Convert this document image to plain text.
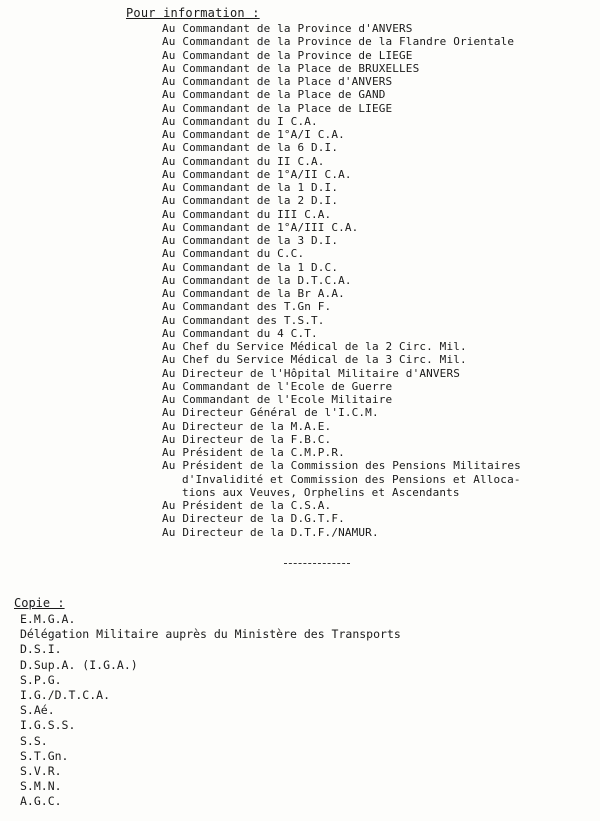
Pour information :
Au Commandant de la Province d'ANVERS
Au Commandant de la Province de la Flandre Orientale
Au Commandant de la Province de LIEGE
Au Commandant de la Place de BRUXELLES
Au Commandant de la Place d'ANVERS
Au Commandant de la Place de GAND
Au Commandant de la Place de LIEGE
Au Commandant du I C.A.
Au Commandant de 1°A/I C.A.
Au Commandant de la 6 D.I.
Au Commandant du II C.A.
Au Commandant de 1°A/II C.A.
Au Commandant de la 1 D.I.
Au Commandant de la 2 D.I.
Au Commandant du III C.A.
Au Commandant de 1°A/III C.A.
Au Commandant de la 3 D.I.
Au Commandant du C.C.
Au Commandant de la 1 D.C.
Au Commandant de la D.T.C.A.
Au Commandant de la Br A.A.
Au Commandant des T.Gn F.
Au Commandant des T.S.T.
Au Commandant du 4 C.T.
Au Chef du Service Médical de la 2 Circ. Mil.
Au Chef du Service Médical de la 3 Circ. Mil.
Au Directeur de l'Hôpital Militaire d'ANVERS
Au Commandant de l'Ecole de Guerre
Au Commandant de l'Ecole Militaire
Au Directeur Général de l'I.C.M.
Au Directeur de la M.A.E.
Au Directeur de la F.B.C.
Au Président de la C.M.P.R.
Au Président de la Commission des Pensions Militaires
d'Invalidité et Commission des Pensions et Alloca-
tions aux Veuves, Orphelins et Ascendants
Au Président de la C.S.A.
Au Directeur de la D.G.T.F.
Au Directeur de la D.T.F./NAMUR.
Copie :
E.M.G.A.
Délégation Militaire auprès du Ministère des Transports
D.S.I.
D.Sup.A. (I.G.A.)
S.P.G.
I.G./D.T.C.A.
S.Aé.
I.G.S.S.
S.S.
S.T.Gn.
S.V.R.
S.M.N.
A.G.C.
